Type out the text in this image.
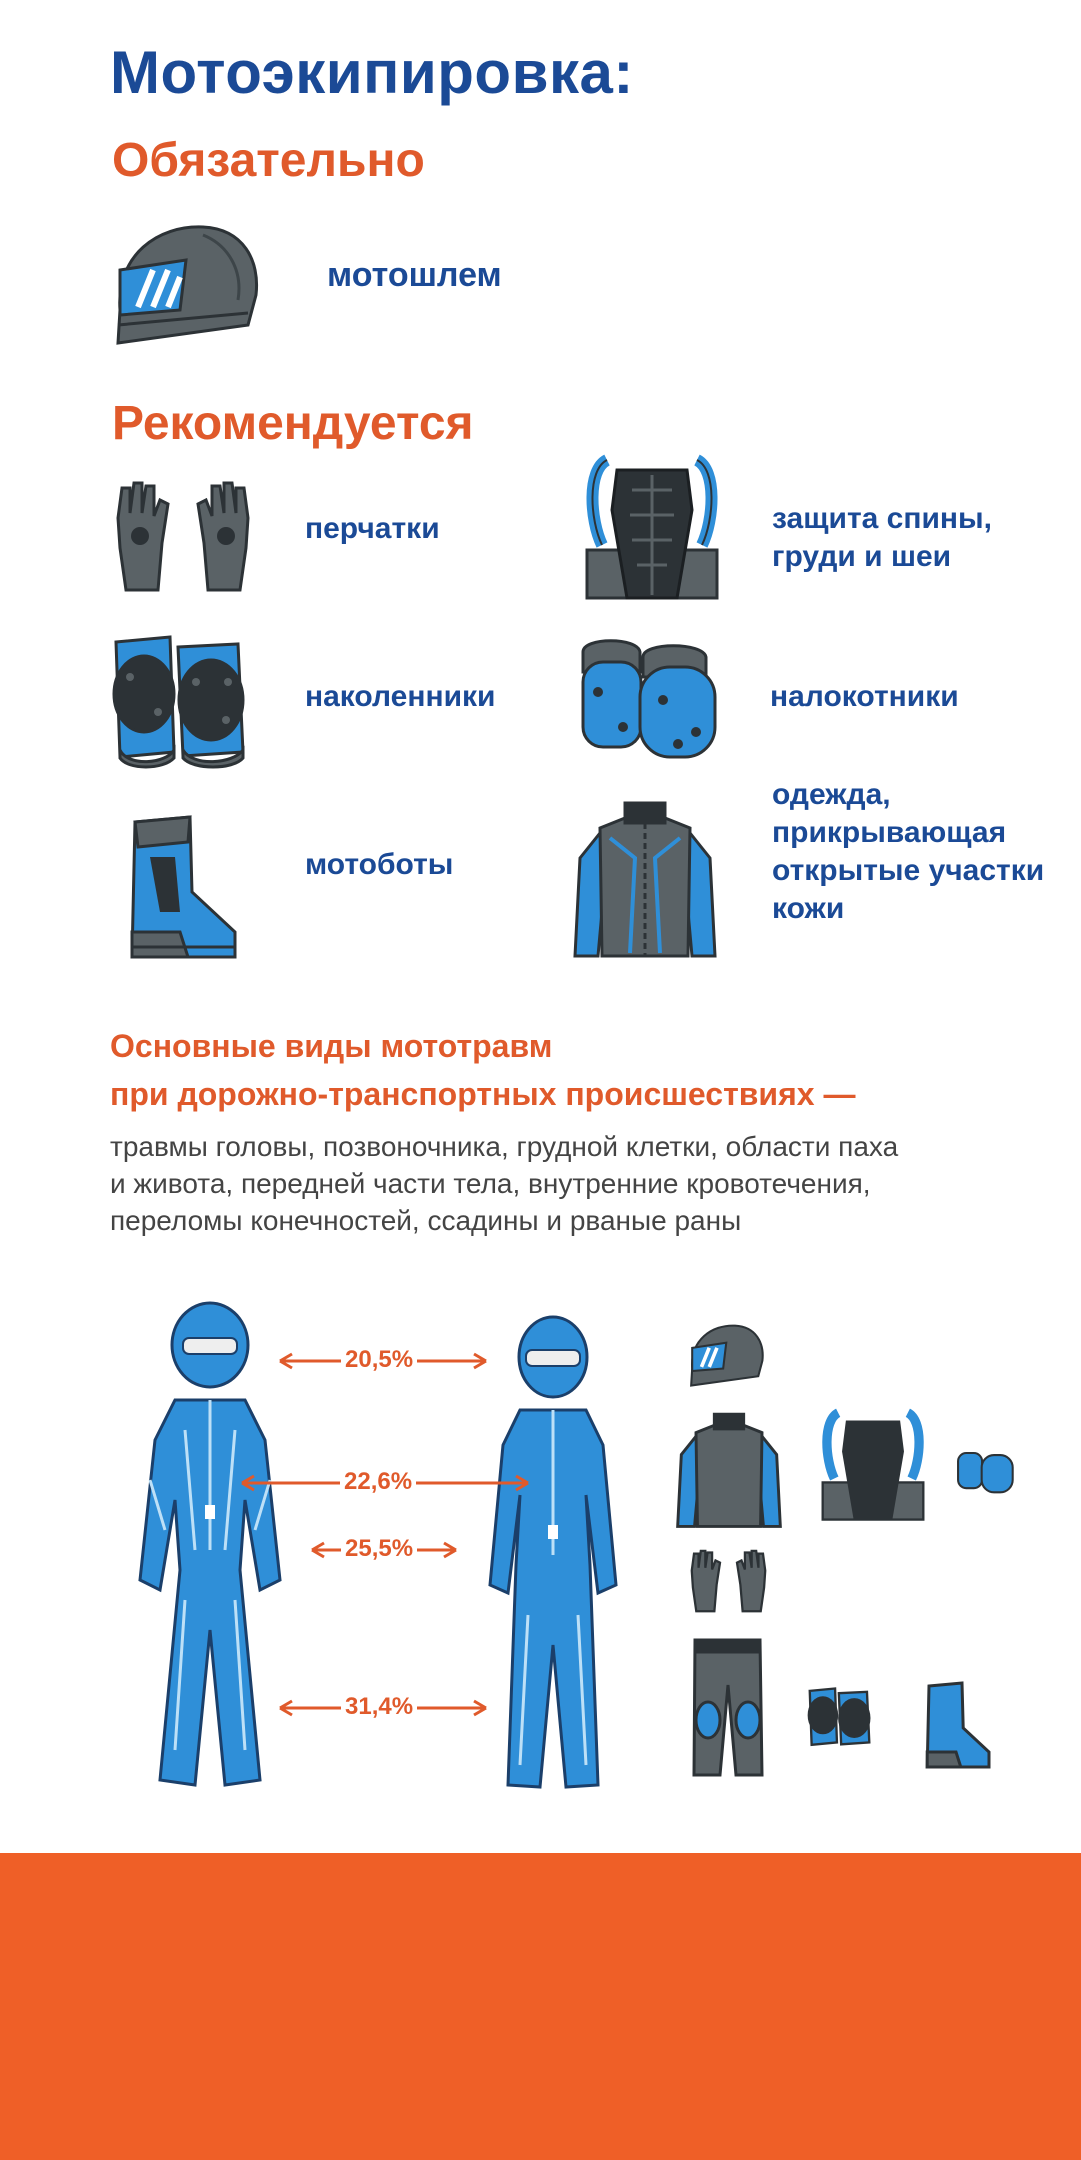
Мотоэкипировка:
Обязательно
мотошлем
Рекомендуется
перчатки	защита спины,
груди и шеи
наколенники	налокотники
мотоботы
одежда,
прикрывающая
открытые участки
кожи
Основные виды мототравм
при дорожно-транспортных происшествиях —
травмы головы, позвоночника, грудной клетки, области паха
и живота, передней части тела, внутренние кровотечения,
переломы конечностей, ссадины и рваные раны
20,5%
22,6%
25,5%
31,4%
